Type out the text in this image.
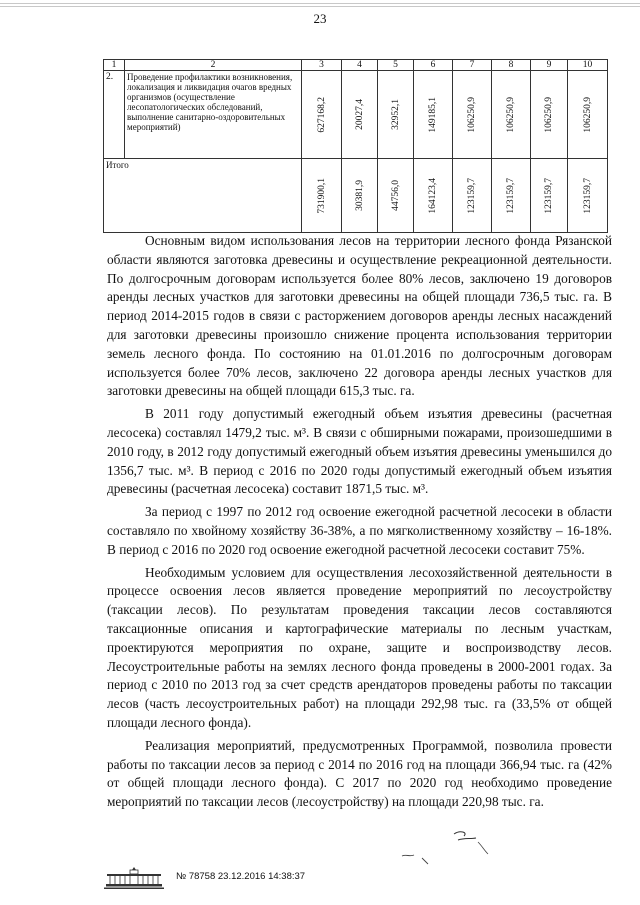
23
1	2	3	4	5	6	7	8	9	10
2.	Проведение профилактики возникновения, локализация и ликвидация очагов вредных организмов (осуществление лесопатологических обследований, выполнение санитарно-оздоровительных мероприятий)	627168,2	20027,4	32952,1	149185,1	106250,9	106250,9	106250,9	106250,9

Итого		731900,1	30381,9	44756,0	164123,4	123159,7	123159,7	123159,7	123159,7

Основным видом использования лесов на территории лесного фонда Рязанской области являются заготовка древесины и осуществление рекреационной деятельности. По долгосрочным договорам используется более 80% лесов, заключено 19 договоров аренды лесных участков для заготовки древесины на общей площади 736,5 тыс. га. В период 2014-2015 годов в связи с расторжением договоров аренды лесных насаждений для заготовки древесины произошло снижение процента использования территории земель лесного фонда. По состоянию на 01.01.2016 по долгосрочным договорам используется более 70% лесов, заключено 22 договора аренды лесных участков для заготовки древесины на общей площади 615,3 тыс. га.

В 2011 году допустимый ежегодный объем изъятия древесины (расчетная лесосека) составлял 1479,2 тыс. м³. В связи с обширными пожарами, произошедшими в 2010 году, в 2012 году допустимый ежегодный объем изъятия древесины уменьшился до 1356,7 тыс. м³. В период с 2016 по 2020 годы допустимый ежегодный объем изъятия древесины (расчетная лесосека) составит 1871,5 тыс. м³.

За период с 1997 по 2012 год освоение ежегодной расчетной лесосеки в области составляло по хвойному хозяйству 36-38%, а по мягколиственному хозяйству – 16-18%. В период с 2016 по 2020 год освоение ежегодной расчетной лесосеки составит 75%.

Необходимым условием для осуществления лесохозяйственной деятельности в процессе освоения лесов является проведение мероприятий по лесоустройству (таксации лесов). По результатам проведения таксации лесов составляются таксационные описания и картографические материалы по лесным участкам, проектируются мероприятия по охране, защите и воспроизводству лесов. Лесоустроительные работы на землях лесного фонда проведены в 2000-2001 годах. За период с 2010 по 2013 год за счет средств арендаторов проведены работы по таксации лесов (часть лесоустроительных работ) на площади 292,98 тыс. га (33,5% от общей площади лесного фонда).

Реализация мероприятий, предусмотренных Программой, позволила провести работы по таксации лесов за период с 2014 по 2016 год на площади 366,94 тыс. га (42% от общей площади лесного фонда). С 2017 по 2020 год необходимо проведение мероприятий по таксации лесов (лесоустройству) на площади 220,98 тыс. га.

№ 78758 23.12.2016 14:38:37
